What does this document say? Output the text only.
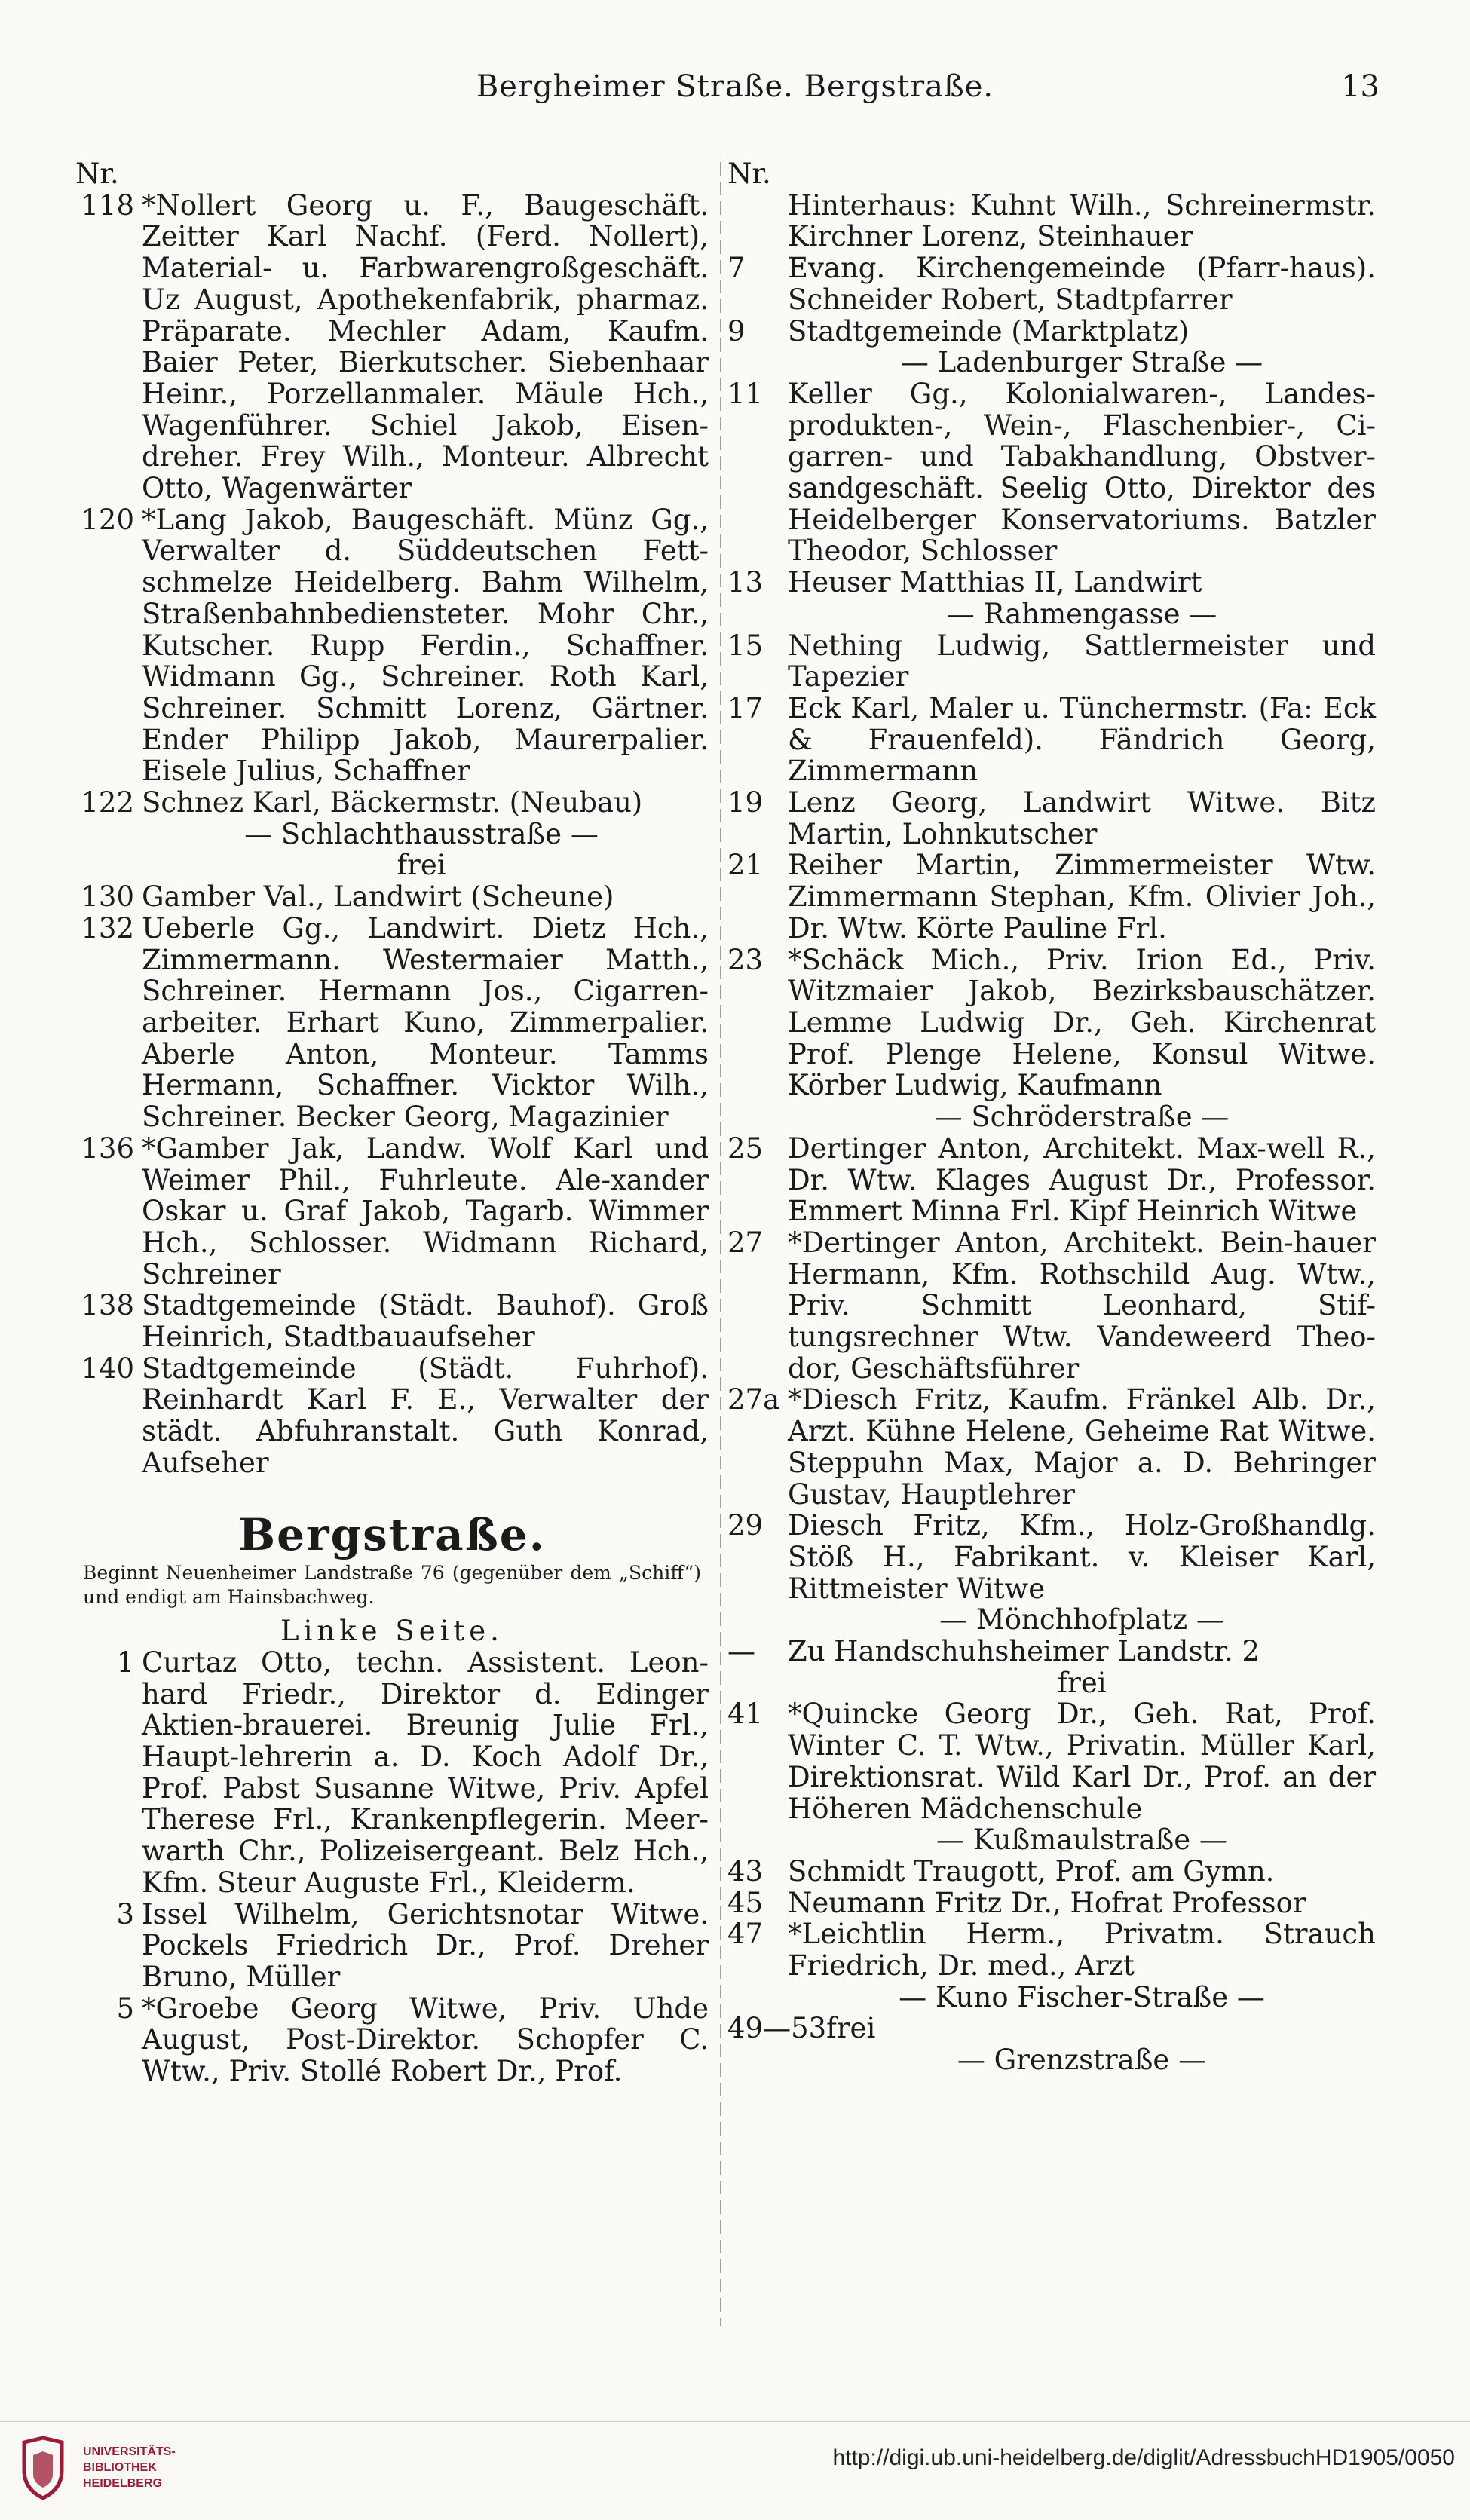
Bergheimer Straße. Bergstraße.	13
Nr.
118 *Nollert Georg u. F., Baugeschäft. Zeitter Karl Nachf. (Ferd. Nollert), Material- u. Farbwarengroßgeschäft. Uz August, Apothekenfabrik, pharmaz. Präparate. Mechler Adam, Kaufm. Baier Peter, Bierkutscher. Siebenhaar Heinr., Porzellanmaler. Mäule Hch., Wagenführer. Schiel Jakob, Eisen-dreher. Frey Wilh., Monteur. Albrecht Otto, Wagenwärter
120 *Lang Jakob, Baugeschäft. Münz Gg., Verwalter d. Süddeutschen Fett-schmelze Heidelberg. Bahm Wilhelm, Straßenbahnbediensteter. Mohr Chr., Kutscher. Rupp Ferdin., Schaffner. Widmann Gg., Schreiner. Roth Karl, Schreiner. Schmitt Lorenz, Gärtner. Ender Philipp Jakob, Maurerpalier. Eisele Julius, Schaffner
122 Schnez Karl, Bäckermstr. (Neubau)
— Schlachthausstraße —
frei
130 Gamber Val., Landwirt (Scheune)
132 Ueberle Gg., Landwirt. Dietz Hch., Zimmermann. Westermaier Matth., Schreiner. Hermann Jos., Cigarren-arbeiter. Erhart Kuno, Zimmerpalier. Aberle Anton, Monteur. Tamms Hermann, Schaffner. Vicktor Wilh., Schreiner. Becker Georg, Magazinier
136 *Gamber Jak, Landw. Wolf Karl und Weimer Phil., Fuhrleute. Ale-xander Oskar u. Graf Jakob, Tagarb. Wimmer Hch., Schlosser. Widmann Richard, Schreiner
138 Stadtgemeinde (Städt. Bauhof). Groß Heinrich, Stadtbauaufseher
140 Stadtgemeinde (Städt. Fuhrhof). Reinhardt Karl F. E., Verwalter der städt. Abfuhranstalt. Guth Konrad, Aufseher
Bergstraße.
Beginnt Neuenheimer Landstraße 76 (gegenüber dem „Schiff“) und endigt am Hainsbachweg.
Linke Seite.
1 Curtaz Otto, techn. Assistent. Leon-hard Friedr., Direktor d. Edinger Aktien-brauerei. Breunig Julie Frl., Haupt-lehrerin a. D. Koch Adolf Dr., Prof. Pabst Susanne Witwe, Priv. Apfel Therese Frl., Krankenpflegerin. Meer-warth Chr., Polizeisergeant. Belz Hch., Kfm. Steur Auguste Frl., Kleiderm.
3 Issel Wilhelm, Gerichtsnotar Witwe. Pockels Friedrich Dr., Prof. Dreher Bruno, Müller
5 *Groebe Georg Witwe, Priv. Uhde August, Post-Direktor. Schopfer C. Wtw., Priv. Stollé Robert Dr., Prof.
Nr.
Hinterhaus: Kuhnt Wilh., Schreinermstr. Kirchner Lorenz, Steinhauer
7	Evang. Kirchengemeinde (Pfarr-haus). Schneider Robert, Stadtpfarrer
9	Stadtgemeinde (Marktplatz)
— Ladenburger Straße —
11 Keller Gg., Kolonialwaren-, Landes-produkten-, Wein-, Flaschenbier-, Ci-garren- und Tabakhandlung, Obstver-sandgeschäft. Seelig Otto, Direktor des Heidelberger Konservatoriums. Batzler Theodor, Schlosser
13 Heuser Matthias II, Landwirt
— Rahmengasse —
15 Nething Ludwig, Sattlermeister und Tapezier
17 Eck Karl, Maler u. Tünchermstr. (Fa: Eck & Frauenfeld). Fändrich Georg, Zimmermann
19 Lenz Georg, Landwirt Witwe. Bitz Martin, Lohnkutscher
21 Reiher Martin, Zimmermeister Wtw. Zimmermann Stephan, Kfm. Olivier Joh., Dr. Wtw. Körte Pauline Frl.
23 *Schäck Mich., Priv. Irion Ed., Priv. Witzmaier Jakob, Bezirksbauschätzer. Lemme Ludwig Dr., Geh. Kirchenrat Prof. Plenge Helene, Konsul Witwe. Körber Ludwig, Kaufmann
— Schröderstraße —
25 Dertinger Anton, Architekt. Max-well R., Dr. Wtw. Klages August Dr., Professor. Emmert Minna Frl. Kipf Heinrich Witwe
27 *Dertinger Anton, Architekt. Bein-hauer Hermann, Kfm. Rothschild Aug. Wtw., Priv. Schmitt Leonhard, Stif-tungsrechner Wtw. Vandeweerd Theo-dor, Geschäftsführer
27a *Diesch Fritz, Kaufm. Fränkel Alb. Dr., Arzt. Kühne Helene, Geheime Rat Witwe. Steppuhn Max, Major a. D. Behringer Gustav, Hauptlehrer
29 Diesch Fritz, Kfm., Holz-Großhandlg. Stöß H., Fabrikant. v. Kleiser Karl, Rittmeister Witwe
— Mönchhofplatz —
—	Zu Handschuhsheimer Landstr. 2
frei
41 *Quincke Georg Dr., Geh. Rat, Prof. Winter C. T. Wtw., Privatin. Müller Karl, Direktionsrat. Wild Karl Dr., Prof. an der Höheren Mädchenschule
— Kußmaulstraße —
43 Schmidt Traugott, Prof. am Gymn.
45 Neumann Fritz Dr., Hofrat Professor
47 *Leichtlin Herm., Privatm. Strauch Friedrich, Dr. med., Arzt
— Kuno Fischer-Straße —
49—53 frei
— Grenzstraße —
UNIVERSITÄTS-
BIBLIOTHEK
HEIDELBERG
http://digi.ub.uni-heidelberg.de/diglit/AdressbuchHD1905/0050
